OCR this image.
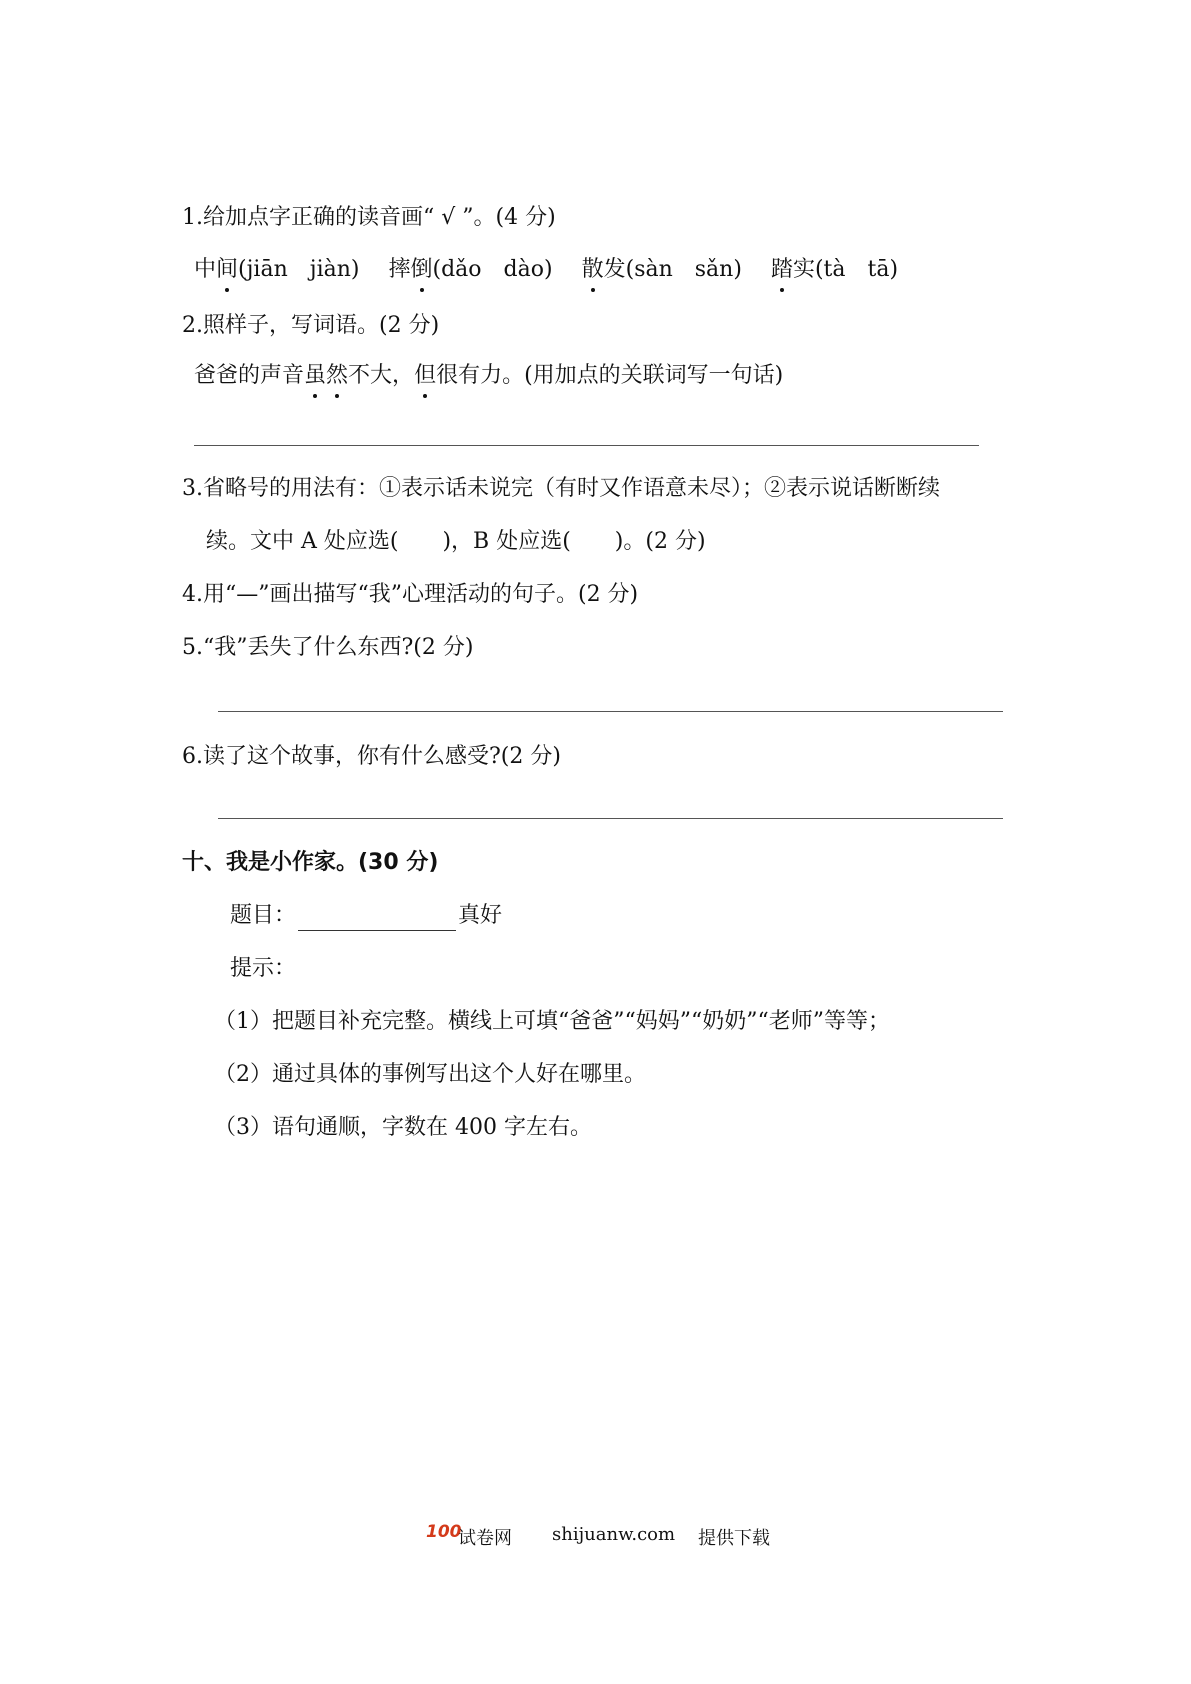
1.给加点字正确的读音画“ √ ”。(4 分)
中间(jiān　jiàn) 摔倒(dǎo　dào) 散发(sàn　sǎn) 踏实(tà　tā)
2.照样子，写词语。(2 分)
爸爸的声音虽然不大，但很有力。(用加点的关联词写一句话)
3.省略号的用法有：①表示话未说完（有时又作语意未尽）；②表示说话断断续
续。文中 A 处应选(　　)，B 处应选(　　)。(2 分)
4.用“—”画出描写“我”心理活动的句子。(2 分)
5.“我”丢失了什么东西?(2 分)
6.读了这个故事，你有什么感受?(2 分)
十、我是小作家。(30 分)
题目：	真好
提示：
（1）把题目补充完整。横线上可填“爸爸”“妈妈”“奶奶”“老师”等等；
（2）通过具体的事例写出这个人好在哪里。
（3）语句通顺，字数在 400 字左右。
100
试卷网 shijuanw.com 提供下载
